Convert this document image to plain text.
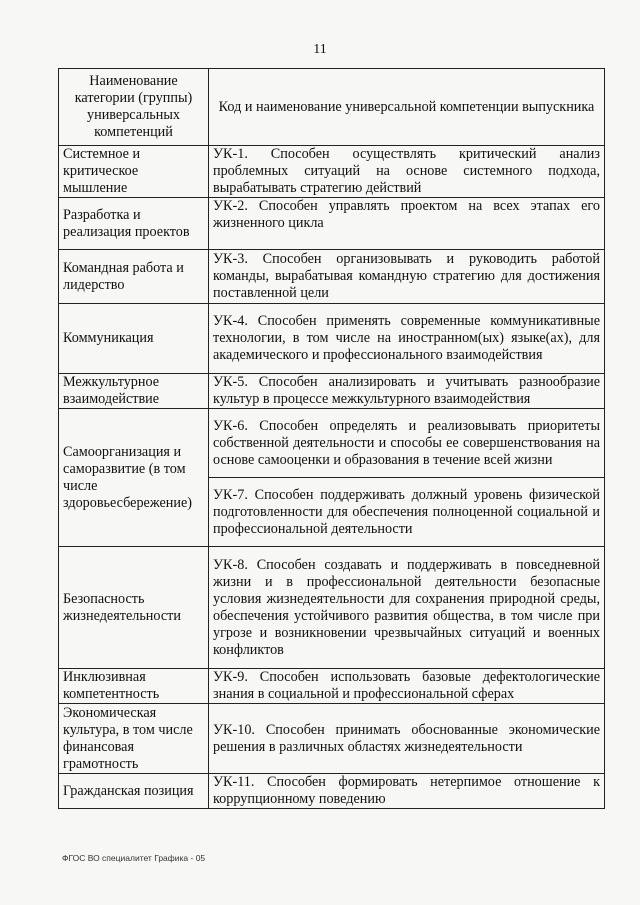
11
Наименование категории (группы) универсальных компетенций	Код и наименование универсальной компетенции выпускника
Системное и критическое мышление	УК-1. Способен осуществлять критический анализ проблемных ситуаций на основе системного подхода, вырабатывать стратегию действий
Разработка и реализация проектов	УК-2. Способен управлять проектом на всех этапах его жизненного цикла
Командная работа и лидерство	УК-3. Способен организовывать и руководить работой команды, вырабатывая командную стратегию для достижения поставленной цели
Коммуникация	УК-4. Способен применять современные коммуникативные технологии, в том числе на иностранном(ых) языке(ах), для академического и профессионального взаимодействия
Межкультурное взаимодействие	УК-5. Способен анализировать и учитывать разнообразие культур в процессе межкультурного взаимодействия
Самоорганизация и саморазвитие (в том числе здоровьесбережение)	УК-6. Способен определять и реализовывать приоритеты собственной деятельности и способы ее совершенствования на основе самооценки и образования в течение всей жизни
	УК-7. Способен поддерживать должный уровень физической подготовленности для обеспечения полноценной социальной и профессиональной деятельности
Безопасность жизнедеятельности	УК-8. Способен создавать и поддерживать в повседневной жизни и в профессиональной деятельности безопасные условия жизнедеятельности для сохранения природной среды, обеспечения устойчивого развития общества, в том числе при угрозе и возникновении чрезвычайных ситуаций и военных конфликтов
Инклюзивная компетентность	УК-9. Способен использовать базовые дефектологические знания в социальной и профессиональной сферах
Экономическая культура, в том числе финансовая грамотность	УК-10. Способен принимать обоснованные экономические решения в различных областях жизнедеятельности
Гражданская позиция	УК-11. Способен формировать нетерпимое отношение к коррупционному поведению
ФГОС ВО специалитет Графика - 05
